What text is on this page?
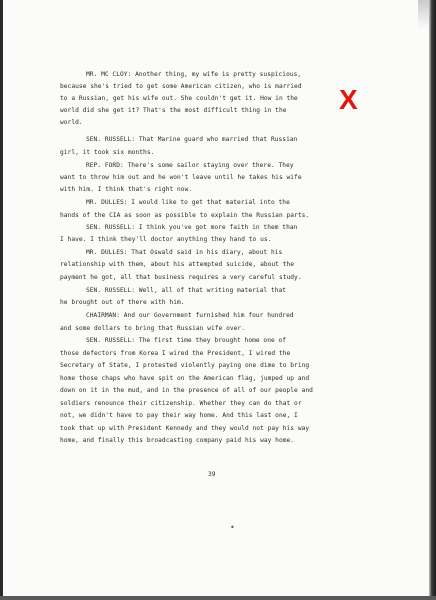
X
MR. MC CLOY: Another thing, my wife is pretty suspicious,
because she's tried to get some American citizen, who is married
to a Russian, get his wife out. She couldn't get it. How in the
world did she get it? That's the most difficult thing in the
world.
SEN. RUSSELL: That Marine guard who married that Russian
girl, it took six months.
REP. FORD: There's some sailor staying over there. They
want to throw him out and he won't leave until he takes his wife
with him. I think that's right now.
MR. DULLES: I would like to get that material into the
hands of the CIA as soon as possible to explain the Russian parts.
SEN. RUSSELL: I think you've got more faith in them than
I have. I think they'll doctor anything they hand to us.
MR. DULLES: That Oswald said in his diary, about his
relationship with them, about his attempted suicide, about the
payment he got, all that business requires a very careful study.
SEN. RUSSELL: Well, all of that writing material that
he brought out of there with him.
CHAIRMAN: And our Government furnished him four hundred
and some dollars to bring that Russian wife over.
SEN. RUSSELL: The first time they brought home one of
those defectors from Korea I wired the President, I wired the
Secretary of State, I protested violently paying one dime to bring
home those chaps who have spit on the American flag, jumped up and
down on it in the mud, and in the presence of all of our people and
soldiers renounce their citizenship. Whether they can do that or
not, we didn't have to pay their way home. And this last one, I
took that up with President Kennedy and they would not pay his way
home, and finally this broadcasting company paid his way home.
39
•
